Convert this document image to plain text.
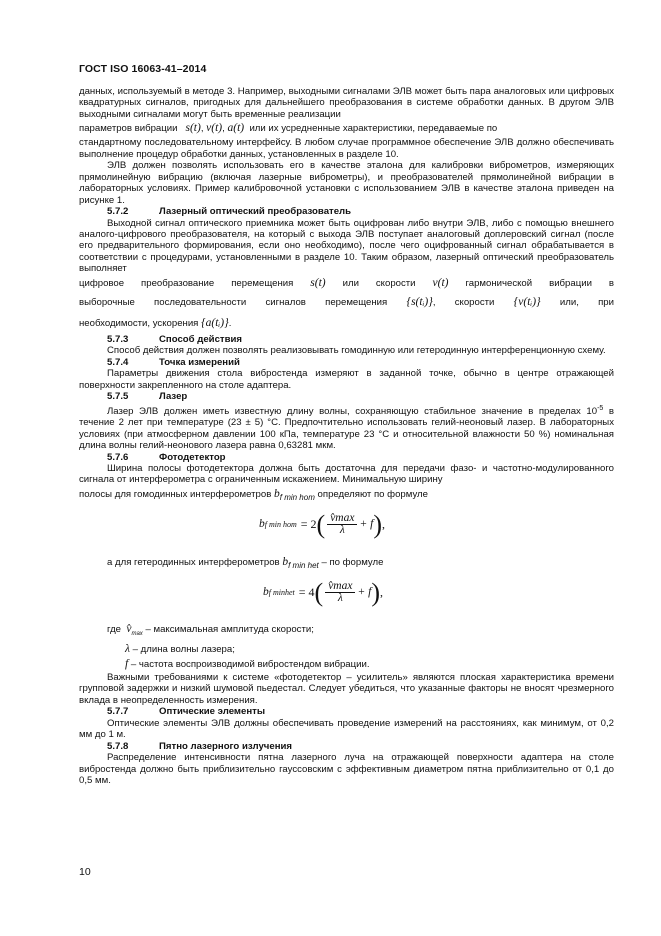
ГОСТ ISO 16063-41–2014

данных, используемый в методе 3. Например, выходными сигналами ЭЛВ может быть пара аналоговых или цифровых квадратурных сигналов, пригодных для дальнейшего преобразования в системе обработки данных. В другом ЭЛВ выходными сигналами могут быть временные реализации

параметров вибрации s(t), v(t), a(t) или их усредненные характеристики, передаваемые по

стандартному последовательному интерфейсу. В любом случае программное обеспечение ЭЛВ должно обеспечивать выполнение процедур обработки данных, установленных в разделе 10.

ЭЛВ должен позволять использовать его в качестве эталона для калибровки виброметров, измеряющих прямолинейную вибрацию (включая лазерные виброметры), и преобразователей прямолинейной вибрации в лабораторных условиях. Пример калибровочной установки с использованием ЭЛВ в качестве эталона приведен на рисунке 1.

5.7.2	Лазерный оптический преобразователь

Выходной сигнал оптического приемника может быть оцифрован либо внутри ЭЛВ, либо с помощью внешнего аналого-цифрового преобразователя, на который с выхода ЭЛВ поступает аналоговый доплеровский сигнал (после его предварительного формирования, если оно необходимо), после чего оцифрованный сигнал обрабатывается в соответствии с процедурами, установленными в разделе 10. Таким образом, лазерный оптический преобразователь выполняет

цифровое преобразование перемещения s(t) или скорости v(t) гармонической вибрации в

выборочные последовательности сигналов перемещения {s(tᵢ)}, скорости {v(tᵢ)} или, при

необходимости, ускорения {a(tᵢ)}.

5.7.3	Способ действия

Способ действия должен позволять реализовывать гомодинную или гетеродинную интерференционную схему.

5.7.4	Точка измерений

Параметры движения стола вибростенда измеряют в заданной точке, обычно в центре отражающей поверхности закрепленного на столе адаптера.

5.7.5	Лазер

Лазер ЭЛВ должен иметь известную длину волны, сохраняющую стабильное значение в пределах $10^{-5}$ в течение 2 лет при температуре (23 ± 5) °С. Предпочтительно использовать гелий-неоновый лазер. В лабораторных условиях (при атмосферном давлении 100 кПа, температуре 23 °С и относительной влажности 50 %) номинальная длина волны гелий-неонового лазера равна 0,63281 мкм.

5.7.6	Фотодетектор

Ширина полосы фотодетектора должна быть достаточна для передачи фазо- и частотно-модулированного сигнала от интерферометра с ограниченным искажением. Минимальную ширину

полосы для гомодинных интерферометров $b_{f min hom}$ определяют по формуле

b f min hom = 2 ( $\frac{v̂\max}{\lambda} + f$ ) ,

а для гетеродинных интерферометров $b_{f min het}$ – по формуле

b f minhet = 4 ( $\frac{v̂\max}{\lambda} + f$ ) ,

где $v̂_{max}$ – максимальная амплитуда скорости;

λ – длина волны лазера;

f – частота воспроизводимой вибростендом вибрации.

Важными требованиями к системе «фотодетектор – усилитель» являются плоская характеристика времени групповой задержки и низкий шумовой пьедестал. Следует убедиться, что указанные факторы не вносят чрезмерного вклада в неопределенность измерения.

5.7.7	Оптические элементы

Оптические элементы ЭЛВ должны обеспечивать проведение измерений на расстояниях, как минимум, от 0,2 мм до 1 м.

5.7.8	Пятно лазерного излучения

Распределение интенсивности пятна лазерного луча на отражающей поверхности адаптера на столе вибростенда должно быть приблизительно гауссовским с эффективным диаметром пятна приблизительно от 0,1 до 0,5 мм.

10
